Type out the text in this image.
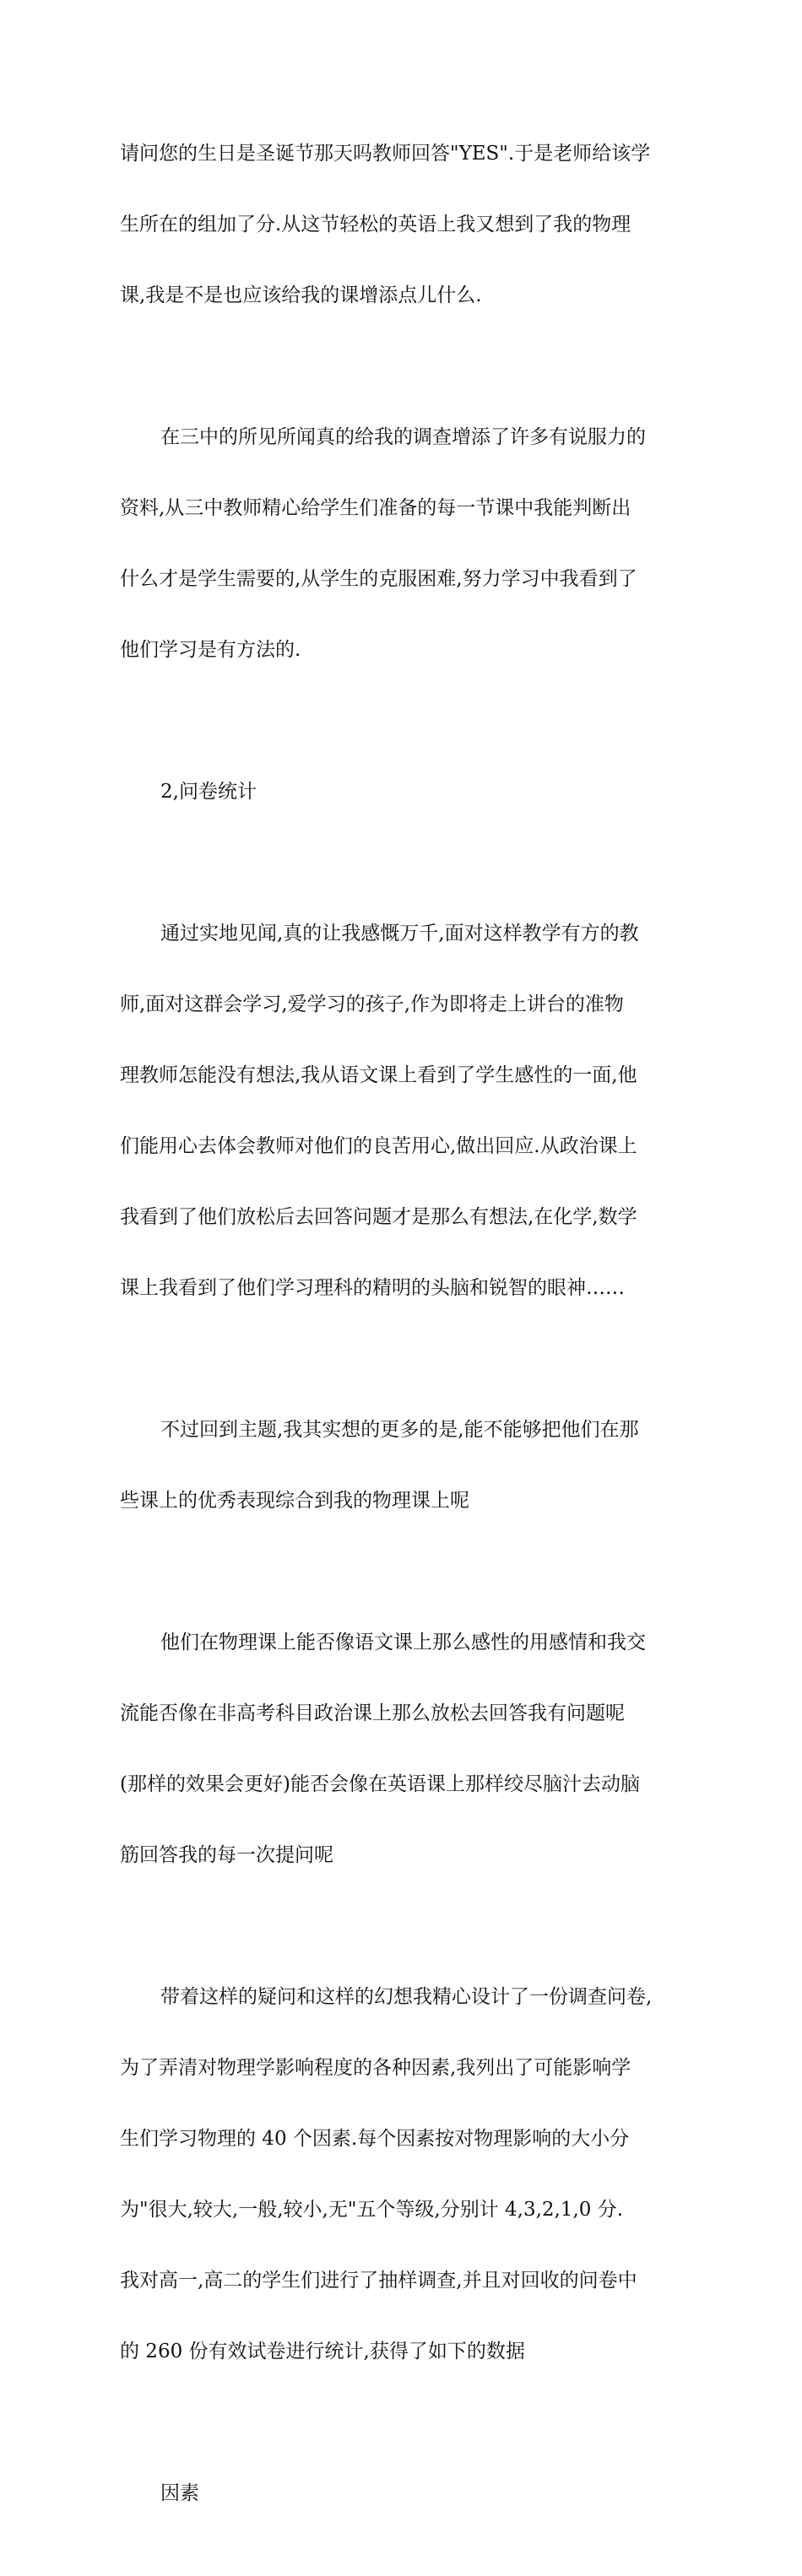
请问您的生日是圣诞节那天吗教师回答"YES".于是老师给该学

生所在的组加了分.从这节轻松的英语上我又想到了我的物理

课,我是不是也应该给我的课增添点儿什么.

在三中的所见所闻真的给我的调查增添了许多有说服力的

资料,从三中教师精心给学生们准备的每一节课中我能判断出

什么才是学生需要的,从学生的克服困难,努力学习中我看到了

他们学习是有方法的.

2,问卷统计

通过实地见闻,真的让我感慨万千,面对这样教学有方的教

师,面对这群会学习,爱学习的孩子,作为即将走上讲台的准物

理教师怎能没有想法,我从语文课上看到了学生感性的一面,他

们能用心去体会教师对他们的良苦用心,做出回应.从政治课上

我看到了他们放松后去回答问题才是那么有想法,在化学,数学

课上我看到了他们学习理科的精明的头脑和锐智的眼神……

不过回到主题,我其实想的更多的是,能不能够把他们在那

些课上的优秀表现综合到我的物理课上呢

他们在物理课上能否像语文课上那么感性的用感情和我交

流能否像在非高考科目政治课上那么放松去回答我有问题呢

(那样的效果会更好)能否会像在英语课上那样绞尽脑汁去动脑

筋回答我的每一次提问呢

带着这样的疑问和这样的幻想我精心设计了一份调查问卷,

为了弄清对物理学影响程度的各种因素,我列出了可能影响学

生们学习物理的 40 个因素.每个因素按对物理影响的大小分

为"很大,较大,一般,较小,无"五个等级,分别计 4,3,2,1,0 分.

我对高一,高二的学生们进行了抽样调查,并且对回收的问卷中

的 260 份有效试卷进行统计,获得了如下的数据

因素
